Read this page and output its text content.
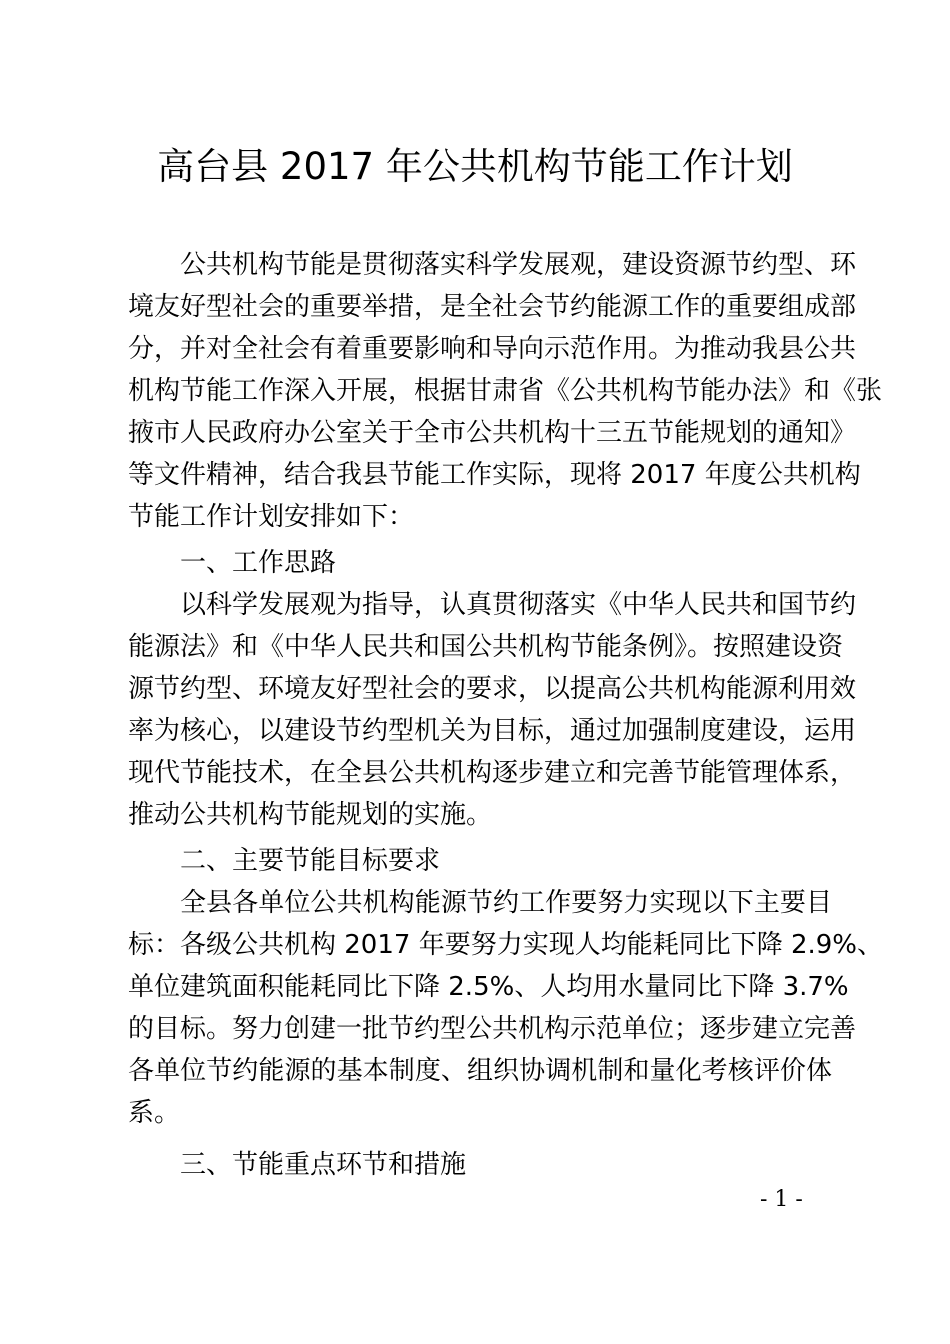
高台县 2017 年公共机构节能工作计划
公共机构节能是贯彻落实科学发展观，建设资源节约型、环
境友好型社会的重要举措，是全社会节约能源工作的重要组成部
分，并对全社会有着重要影响和导向示范作用。为推动我县公共
机构节能工作深入开展，根据甘肃省《公共机构节能办法》和《张
掖市人民政府办公室关于全市公共机构十三五节能规划的通知》
等文件精神，结合我县节能工作实际，现将 2017 年度公共机构
节能工作计划安排如下：
一、工作思路
以科学发展观为指导，认真贯彻落实《中华人民共和国节约
能源法》和《中华人民共和国公共机构节能条例》。按照建设资
源节约型、环境友好型社会的要求，以提高公共机构能源利用效
率为核心，以建设节约型机关为目标，通过加强制度建设，运用
现代节能技术，在全县公共机构逐步建立和完善节能管理体系，
推动公共机构节能规划的实施。
二、主要节能目标要求
全县各单位公共机构能源节约工作要努力实现以下主要目
标：各级公共机构 2017 年要努力实现人均能耗同比下降 2.9%、
单位建筑面积能耗同比下降 2.5%、人均用水量同比下降 3.7%
的目标。努力创建一批节约型公共机构示范单位；逐步建立完善
各单位节约能源的基本制度、组织协调机制和量化考核评价体
系。
三、节能重点环节和措施
- 1 -
